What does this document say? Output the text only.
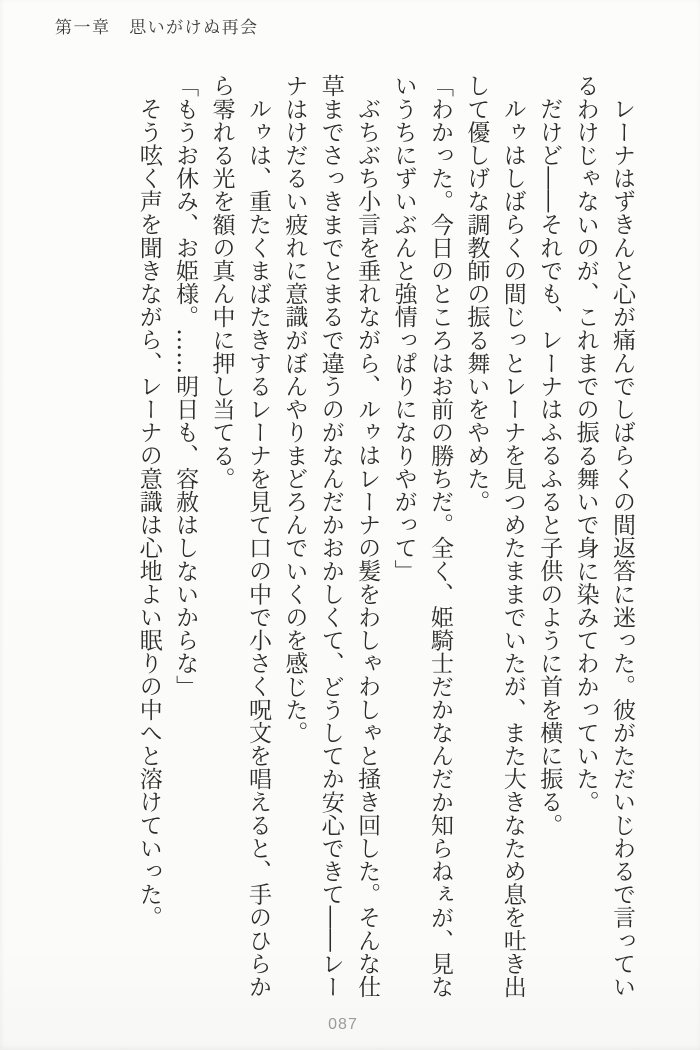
第一章 思いがけぬ再会

レーナはずきんと心が痛んでしばらくの間返答に迷った。彼がただいじわるで言っているわけじゃないのが、これまでの振る舞いで身に染みてわかっていた。

だけど――それでも、レーナはふるふると子供のように首を横に振る。

ルゥはしばらくの間じっとレーナを見つめたままでいたが、また大きなため息を吐き出して優しげな調教師の振る舞いをやめた。

「わかった。今日のところはお前の勝ちだ。全く、姫騎士だかなんだか知らねぇが、見ないうちにずいぶんと強情っぱりになりやがって」

ぶちぶち小言を垂れながら、ルゥはレーナの髪をわしゃわしゃと掻き回した。そんな仕草までさっきまでとまるで違うのがなんだかおかしくて、どうしてか安心できて――レーナはけだるい疲れに意識がぼんやりまどろんでいくのを感じた。

ルゥは、重たくまばたきするレーナを見て口の中で小さく呪文を唱えると、手のひらから零れる光を額の真ん中に押し当てる。

「もうお休み、お姫様。……明日も、容赦はしないからな」

そう呟く声を聞きながら、レーナの意識は心地よい眠りの中へと溶けていった。

087
